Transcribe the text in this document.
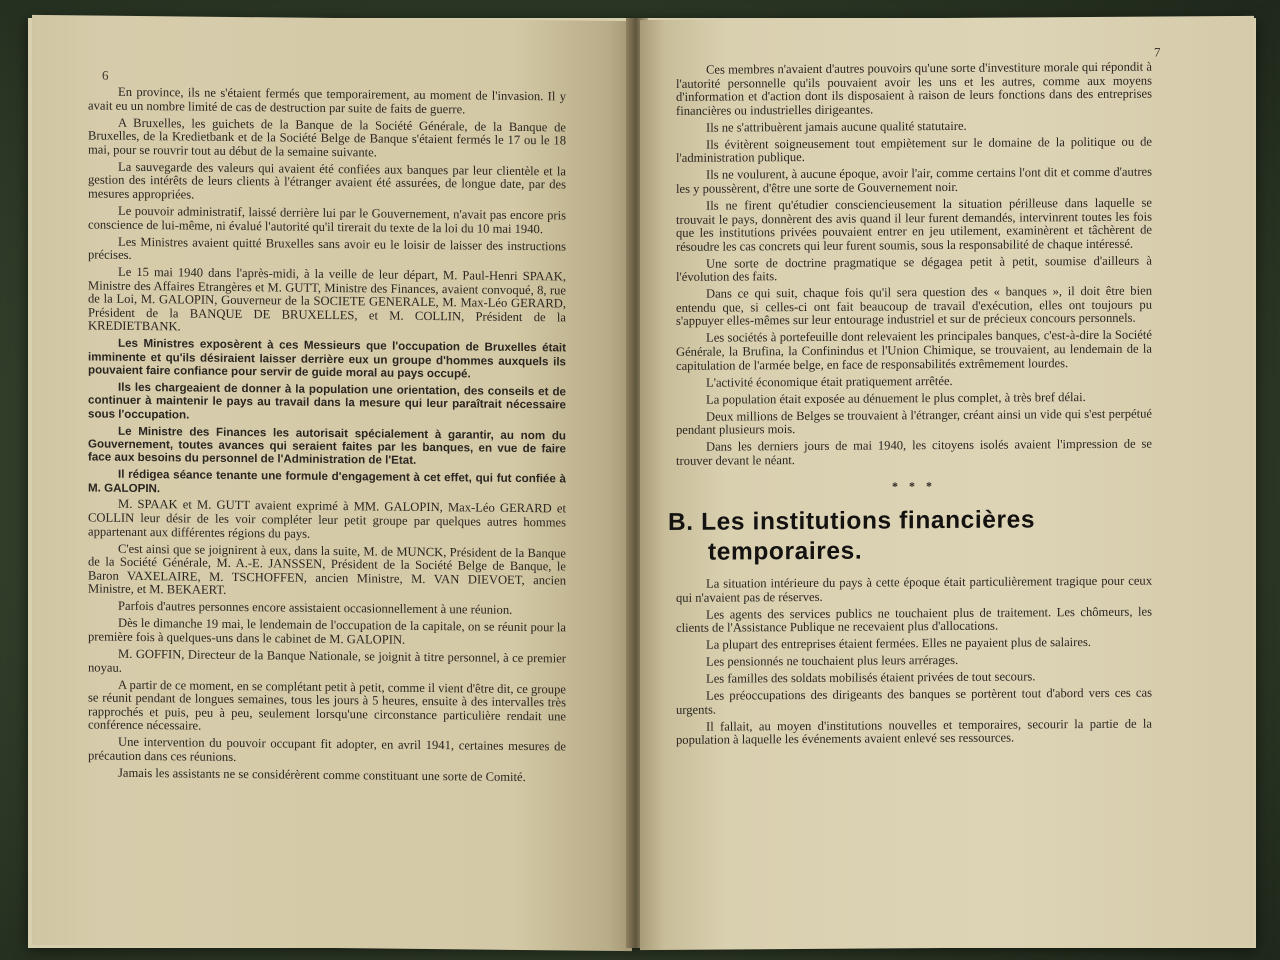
6

En province, ils ne s'étaient fermés que temporairement, au moment de l'invasion. Il y avait eu un nombre limité de cas de destruction par suite de faits de guerre.

A Bruxelles, les guichets de la Banque de la Société Générale, de la Banque de Bruxelles, de la Kredietbank et de la Société Belge de Banque s'étaient fermés le 17 ou le 18 mai, pour se rouvrir tout au début de la semaine suivante.

La sauvegarde des valeurs qui avaient été confiées aux banques par leur clientèle et la gestion des intérêts de leurs clients à l'étranger avaient été assurées, de longue date, par des mesures appropriées.

Le pouvoir administratif, laissé derrière lui par le Gouvernement, n'avait pas encore pris conscience de lui-même, ni évalué l'autorité qu'il tirerait du texte de la loi du 10 mai 1940.

Les Ministres avaient quitté Bruxelles sans avoir eu le loisir de laisser des instructions précises.

Le 15 mai 1940 dans l'après-midi, à la veille de leur départ, M. Paul-Henri SPAAK, Ministre des Affaires Etrangères et M. GUTT, Ministre des Finances, avaient convoqué, 8, rue de la Loi, M. GALOPIN, Gouverneur de la SOCIETE GENERALE, M. Max-Léo GERARD, Président de la BANQUE DE BRUXELLES, et M. COLLIN, Président de la KREDIETBANK.

Les Ministres exposèrent à ces Messieurs que l'occupation de Bruxelles était imminente et qu'ils désiraient laisser derrière eux un groupe d'hommes auxquels ils pouvaient faire confiance pour servir de guide moral au pays occupé.

Ils les chargeaient de donner à la population une orientation, des conseils et de continuer à maintenir le pays au travail dans la mesure qui leur paraîtrait nécessaire sous l'occupation.

Le Ministre des Finances les autorisait spécialement à garantir, au nom du Gouvernement, toutes avances qui seraient faites par les banques, en vue de faire face aux besoins du personnel de l'Administration de l'Etat.

Il rédigea séance tenante une formule d'engagement à cet effet, qui fut confiée à M. GALOPIN.

M. SPAAK et M. GUTT avaient exprimé à MM. GALOPIN, Max-Léo GERARD et COLLIN leur désir de les voir compléter leur petit groupe par quelques autres hommes appartenant aux différentes régions du pays.

C'est ainsi que se joignirent à eux, dans la suite, M. de MUNCK, Président de la Banque de la Société Générale, M. A.-E. JANSSEN, Président de la Société Belge de Banque, le Baron VAXELAIRE, M. TSCHOFFEN, ancien Ministre, M. VAN DIEVOET, ancien Ministre, et M. BEKAERT.

Parfois d'autres personnes encore assistaient occasionnellement à une réunion.

Dès le dimanche 19 mai, le lendemain de l'occupation de la capitale, on se réunit pour la première fois à quelques-uns dans le cabinet de M. GALOPIN.

M. GOFFIN, Directeur de la Banque Nationale, se joignit à titre personnel, à ce premier noyau.

A partir de ce moment, en se complétant petit à petit, comme il vient d'être dit, ce groupe se réunit pendant de longues semaines, tous les jours à 5 heures, ensuite à des intervalles très rapprochés et puis, peu à peu, seulement lorsqu'une circonstance particulière rendait une conférence nécessaire.

Une intervention du pouvoir occupant fit adopter, en avril 1941, certaines mesures de précaution dans ces réunions.

Jamais les assistants ne se considérèrent comme constituant une sorte de Comité.

7

Ces membres n'avaient d'autres pouvoirs qu'une sorte d'investiture morale qui répondit à l'autorité personnelle qu'ils pouvaient avoir les uns et les autres, comme aux moyens d'information et d'action dont ils disposaient à raison de leurs fonctions dans des entreprises financières ou industrielles dirigeantes.

Ils ne s'attribuèrent jamais aucune qualité statutaire.

Ils évitèrent soigneusement tout empiètement sur le domaine de la politique ou de l'administration publique.

Ils ne voulurent, à aucune époque, avoir l'air, comme certains l'ont dit et comme d'autres les y poussèrent, d'être une sorte de Gouvernement noir.

Ils ne firent qu'étudier consciencieusement la situation périlleuse dans laquelle se trouvait le pays, donnèrent des avis quand il leur furent demandés, intervinrent toutes les fois que les institutions privées pouvaient entrer en jeu utilement, examinèrent et tâchèrent de résoudre les cas concrets qui leur furent soumis, sous la responsabilité de chaque intéressé.

Une sorte de doctrine pragmatique se dégagea petit à petit, soumise d'ailleurs à l'évolution des faits.

Dans ce qui suit, chaque fois qu'il sera question des « banques », il doit être bien entendu que, si celles-ci ont fait beaucoup de travail d'exécution, elles ont toujours pu s'appuyer elles-mêmes sur leur entourage industriel et sur de précieux concours personnels.

Les sociétés à portefeuille dont relevaient les principales banques, c'est-à-dire la Société Générale, la Brufina, la Confinindus et l'Union Chimique, se trouvaient, au lendemain de la capitulation de l'armée belge, en face de responsabilités extrêmement lourdes.

L'activité économique était pratiquement arrêtée.

La population était exposée au dénuement le plus complet, à très bref délai.

Deux millions de Belges se trouvaient à l'étranger, créant ainsi un vide qui s'est perpétué pendant plusieurs mois.

Dans les derniers jours de mai 1940, les citoyens isolés avaient l'impression de se trouver devant le néant.

* * *
B. Les institutions financières
temporaires.

La situation intérieure du pays à cette époque était particulièrement tragique pour ceux qui n'avaient pas de réserves.

Les agents des services publics ne touchaient plus de traitement. Les chômeurs, les clients de l'Assistance Publique ne recevaient plus d'allocations.

La plupart des entreprises étaient fermées. Elles ne payaient plus de salaires.

Les pensionnés ne touchaient plus leurs arrérages.

Les familles des soldats mobilisés étaient privées de tout secours.

Les préoccupations des dirigeants des banques se portèrent tout d'abord vers ces cas urgents.

Il fallait, au moyen d'institutions nouvelles et temporaires, secourir la partie de la population à laquelle les événements avaient enlevé ses ressources.
